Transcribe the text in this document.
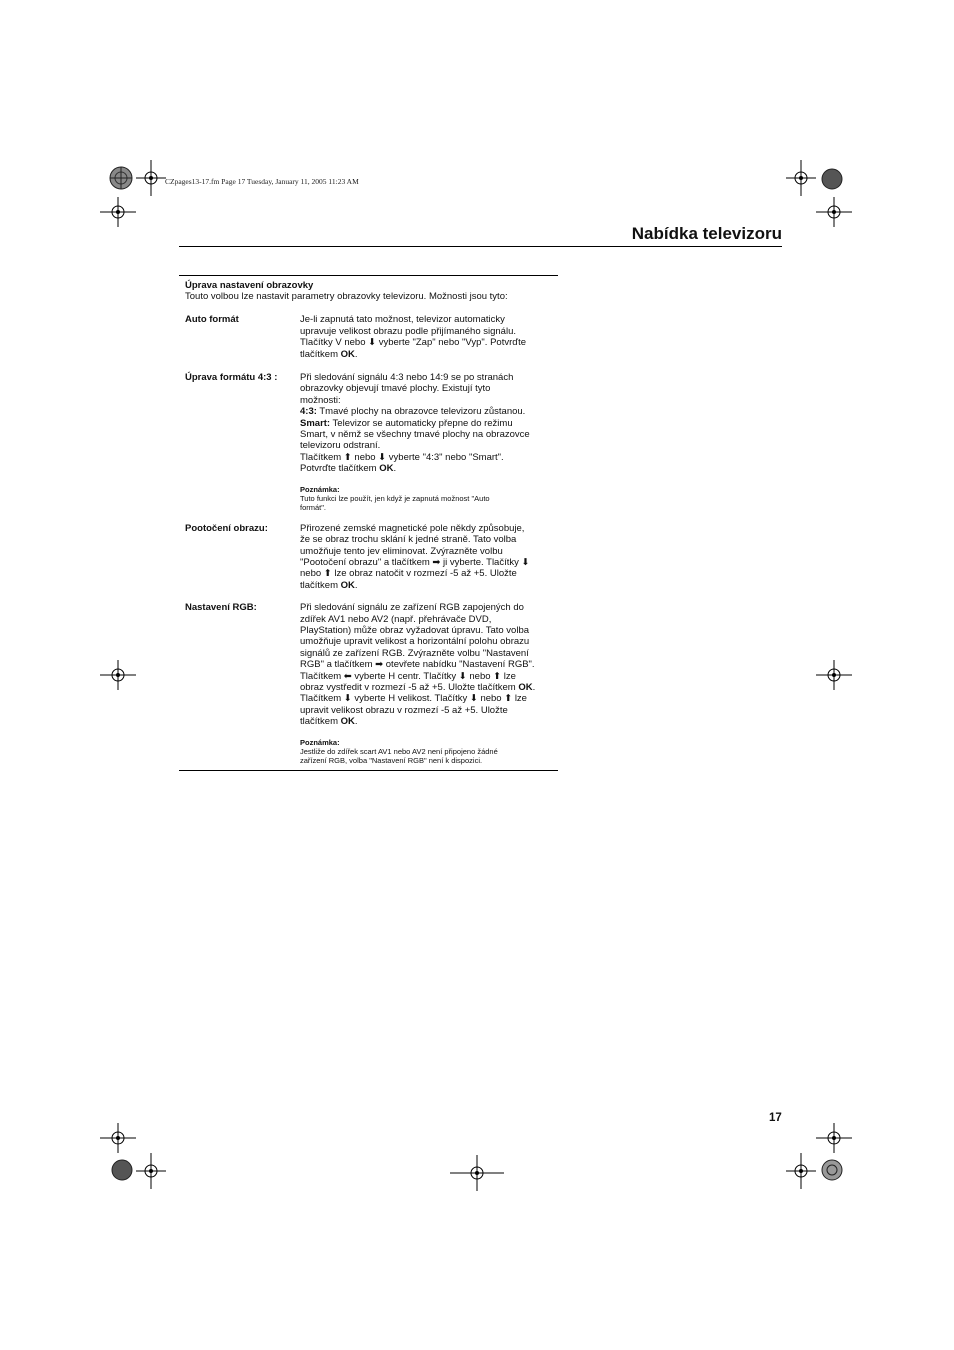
CZpages13-17.fm Page 17 Tuesday, January 11, 2005 11:23 AM
Nabídka televizoru
Úprava nastavení obrazovky
Touto volbou lze nastavit parametry obrazovky televizoru. Možnosti jsou tyto:
Auto formát	Je-li zapnutá tato možnost, televizor automaticky

upravuje velikost obrazu podle přijímaného signálu.

Tlačítky V nebo ⬇ vyberte "Zap" nebo "Vyp". Potvrďte

tlačítkem OK.

Úprava formátu 4:3 :	Při sledování signálu 4:3 nebo 14:9 se po stranách

obrazovky objevují tmavé plochy. Existují tyto

možnosti:

4:3: Tmavé plochy na obrazovce televizoru zůstanou.

Smart: Televizor se automaticky přepne do režimu

Smart, v němž se všechny tmavé plochy na obrazovce

televizoru odstraní.

Tlačítkem ⬆ nebo ⬇ vyberte "4:3" nebo "Smart".

Potvrďte tlačítkem OK.

Poznámka:
Tuto funkci lze použít, jen když je zapnutá možnost "Auto
formát".
Pootočení obrazu:	Přirozené zemské magnetické pole někdy způsobuje,

že se obraz trochu sklání k jedné straně. Tato volba

umožňuje tento jev eliminovat. Zvýrazněte volbu

"Pootočení obrazu" a tlačítkem ➡ ji vyberte. Tlačítky ⬇

nebo ⬆ lze obraz natočit v rozmezí -5 až +5. Uložte

tlačítkem OK.

Nastavení RGB:	Při sledování signálu ze zařízení RGB zapojených do

zdířek AV1 nebo AV2 (např. přehrávače DVD,

PlayStation) může obraz vyžadovat úpravu. Tato volba

umožňuje upravit velikost a horizontální polohu obrazu

signálů ze zařízení RGB. Zvýrazněte volbu "Nastavení

RGB" a tlačítkem ➡ otevřete nabídku "Nastavení RGB".

Tlačítkem ⬅ vyberte H centr. Tlačítky ⬇ nebo ⬆ lze

obraz vystředit v rozmezí -5 až +5. Uložte tlačítkem OK.

Tlačítkem ⬇ vyberte H velikost. Tlačítky ⬇ nebo ⬆ lze

upravit velikost obrazu v rozmezí -5 až +5. Uložte

tlačítkem OK.

Poznámka:
Jestliže do zdířek scart AV1 nebo AV2 není připojeno žádné
zařízení RGB, volba "Nastavení RGB" není k dispozici.
17
